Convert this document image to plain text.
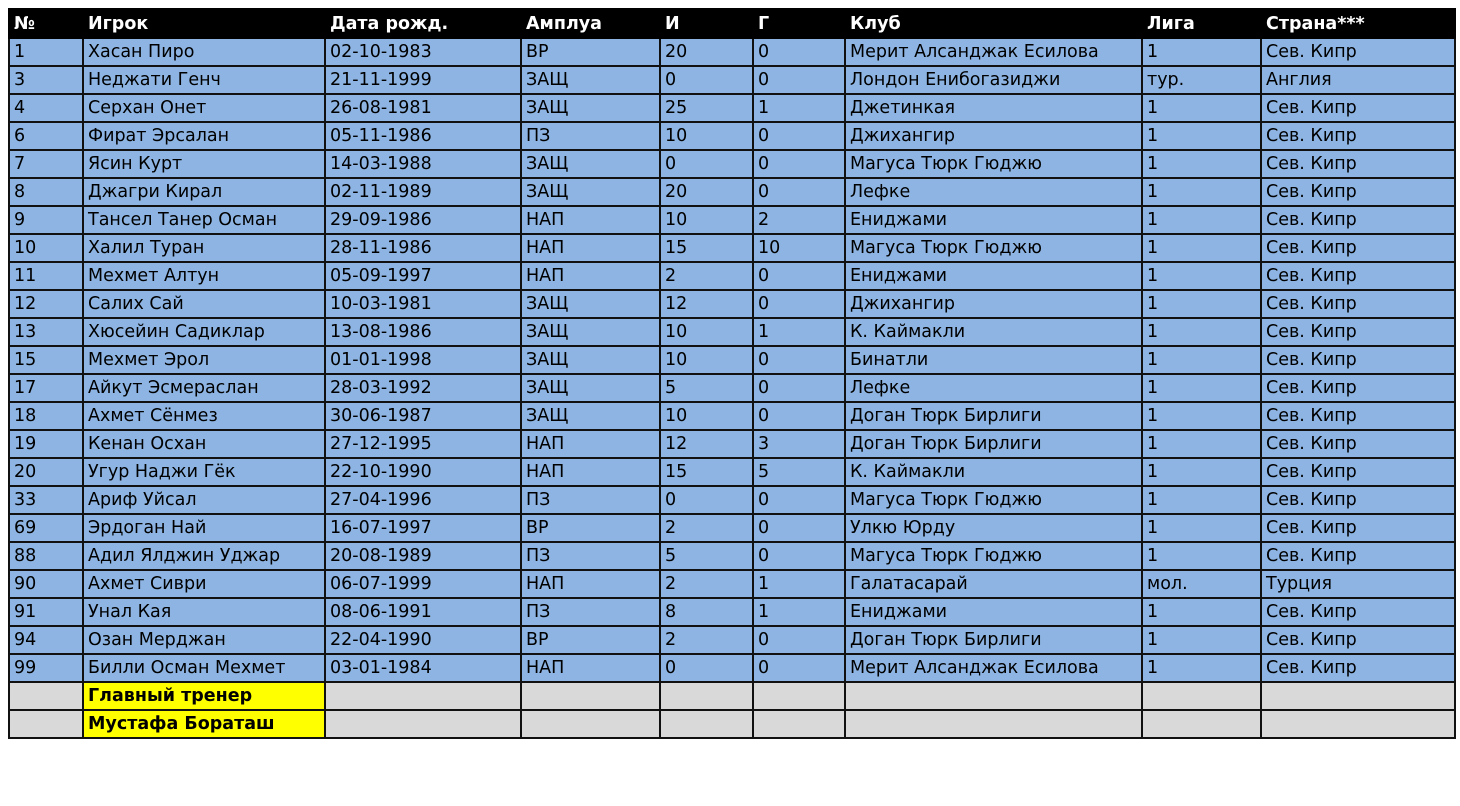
№	Игрок	Дата рожд.	Амплуа	И	Г	Клуб	Лига	Страна***
1	Хасан Пиро	02-10-1983	ВР	20	0	Мерит Алсанджак Есилова	1	Сев. Кипр
3	Неджати Генч	21-11-1999	ЗАЩ	0	0	Лондон Енибогазиджи	тур.	Англия
4	Серхан Онет	26-08-1981	ЗАЩ	25	1	Джетинкая	1	Сев. Кипр
6	Фират Эрсалан	05-11-1986	ПЗ	10	0	Джихангир	1	Сев. Кипр
7	Ясин Курт	14-03-1988	ЗАЩ	0	0	Магуса Тюрк Гюджю	1	Сев. Кипр
8	Джагри Кирал	02-11-1989	ЗАЩ	20	0	Лефке	1	Сев. Кипр
9	Тансел Танер Осман	29-09-1986	НАП	10	2	Ениджами	1	Сев. Кипр
10	Халил Туран	28-11-1986	НАП	15	10	Магуса Тюрк Гюджю	1	Сев. Кипр
11	Мехмет Алтун	05-09-1997	НАП	2	0	Ениджами	1	Сев. Кипр
12	Салих Сай	10-03-1981	ЗАЩ	12	0	Джихангир	1	Сев. Кипр
13	Хюсейин Садиклар	13-08-1986	ЗАЩ	10	1	К. Каймакли	1	Сев. Кипр
15	Мехмет Эрол	01-01-1998	ЗАЩ	10	0	Бинатли	1	Сев. Кипр
17	Айкут Эсмераслан	28-03-1992	ЗАЩ	5	0	Лефке	1	Сев. Кипр
18	Ахмет Сёнмез	30-06-1987	ЗАЩ	10	0	Доган Тюрк Бирлиги	1	Сев. Кипр
19	Кенан Осхан	27-12-1995	НАП	12	3	Доган Тюрк Бирлиги	1	Сев. Кипр
20	Угур Наджи Гёк	22-10-1990	НАП	15	5	К. Каймакли	1	Сев. Кипр
33	Ариф Уйсал	27-04-1996	ПЗ	0	0	Магуса Тюрк Гюджю	1	Сев. Кипр
69	Эрдоган Най	16-07-1997	ВР	2	0	Улкю Юрду	1	Сев. Кипр
88	Адил Ялджин Уджар	20-08-1989	ПЗ	5	0	Магуса Тюрк Гюджю	1	Сев. Кипр
90	Ахмет Сиври	06-07-1999	НАП	2	1	Галатасарай	мол.	Турция
91	Унал Кая	08-06-1991	ПЗ	8	1	Ениджами	1	Сев. Кипр
94	Озан Мерджан	22-04-1990	ВР	2	0	Доган Тюрк Бирлиги	1	Сев. Кипр
99	Билли Осман Мехмет	03-01-1984	НАП	0	0	Мерит Алсанджак Есилова	1	Сев. Кипр
	Главный тренер							
	Мустафа Бораташ							
